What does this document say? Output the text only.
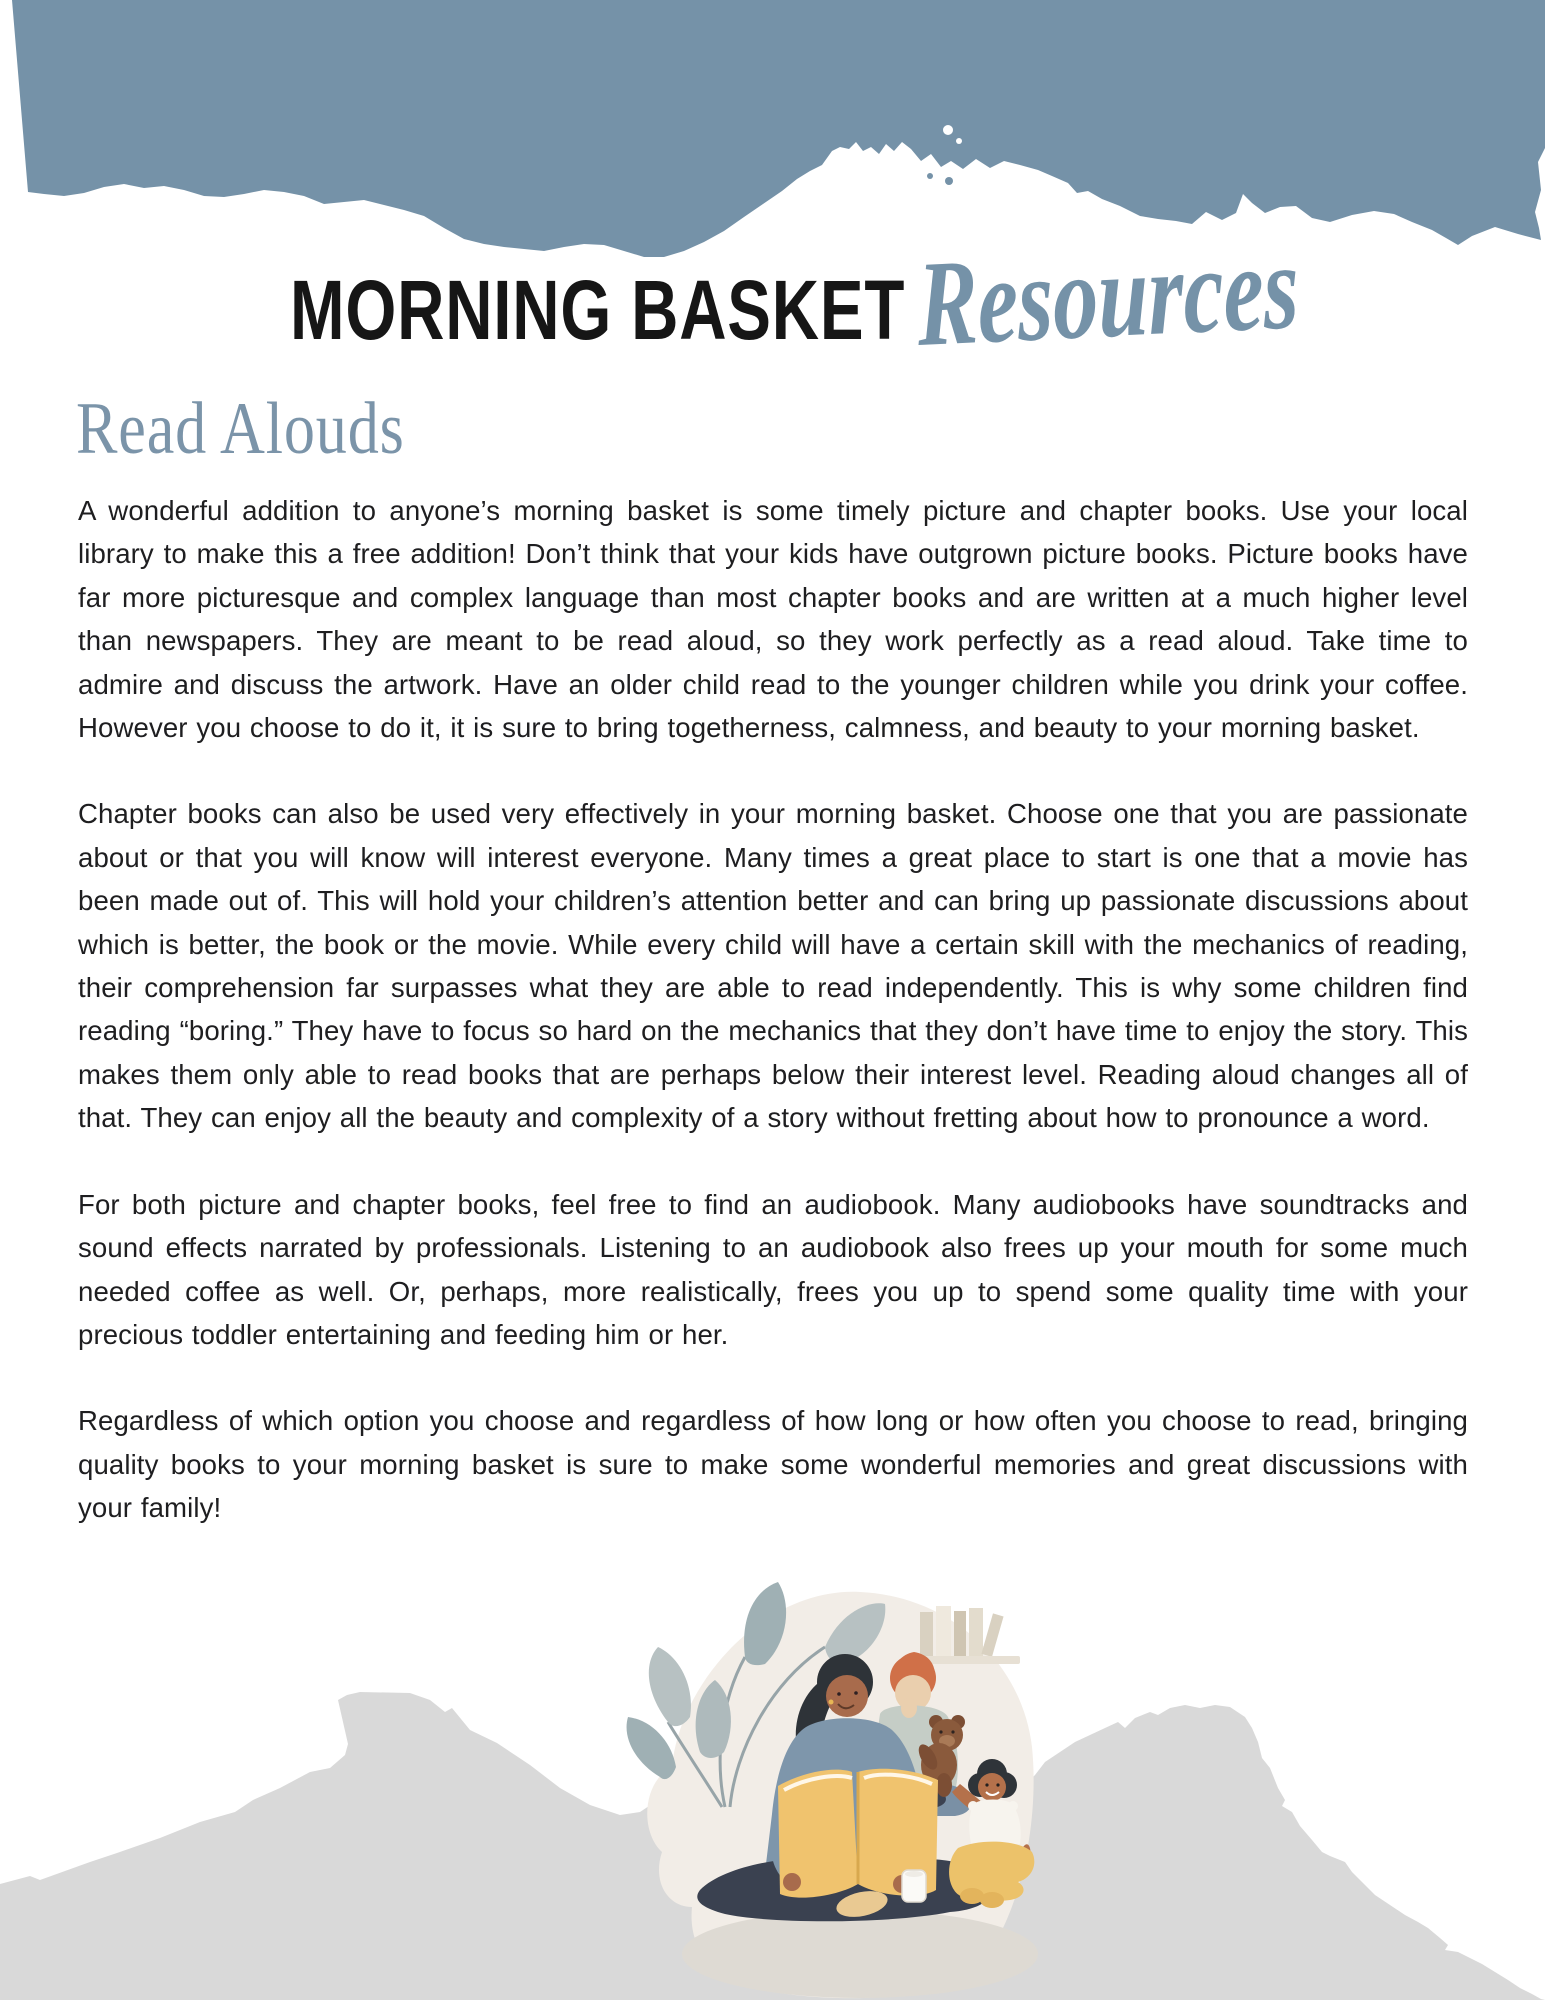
MORNING BASKET Resources
Read Alouds

A wonderful addition to anyone’s morning basket is some timely picture and chapter books. Use your local library to make this a free addition! Don’t think that your kids have outgrown picture books. Picture books have far more picturesque and complex language than most chapter books and are written at a much higher level than newspapers. They are meant to be read aloud, so they work perfectly as a read aloud. Take time to admire and discuss the artwork. Have an older child read to the younger children while you drink your coffee. However you choose to do it, it is sure to bring togetherness, calmness, and beauty to your morning basket.

Chapter books can also be used very effectively in your morning basket. Choose one that you are passionate about or that you will know will interest everyone. Many times a great place to start is one that a movie has been made out of. This will hold your children’s attention better and can bring up passionate discussions about which is better, the book or the movie. While every child will have a certain skill with the mechanics of reading, their comprehension far surpasses what they are able to read independently. This is why some children find reading “boring.” They have to focus so hard on the mechanics that they don’t have time to enjoy the story. This makes them only able to read books that are perhaps below their interest level. Reading aloud changes all of that. They can enjoy all the beauty and complexity of a story without fretting about how to pronounce a word.

For both picture and chapter books, feel free to find an audiobook. Many audiobooks have soundtracks and sound effects narrated by professionals. Listening to an audiobook also frees up your mouth for some much needed coffee as well. Or, perhaps, more realistically, frees you up to spend some quality time with your precious toddler entertaining and feeding him or her.

Regardless of which option you choose and regardless of how long or how often you choose to read, bringing quality books to your morning basket is sure to make some wonderful memories and great discussions with your family!
